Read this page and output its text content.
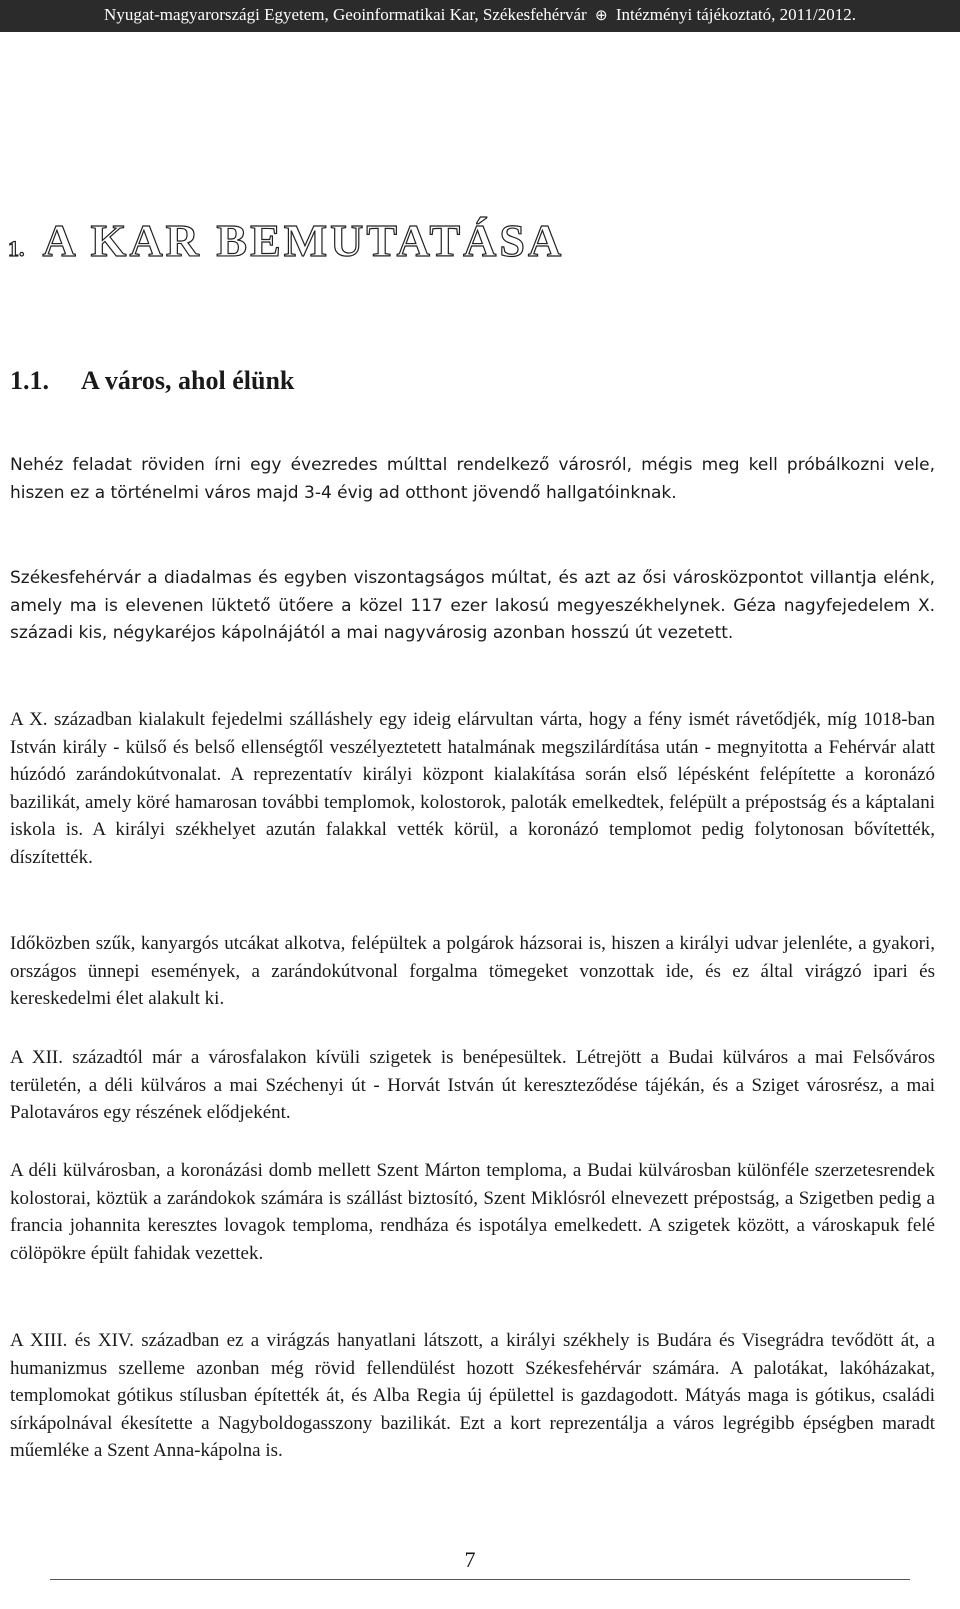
Nyugat-magyarországi Egyetem, Geoinformatikai Kar, Székesfehérvár ⊕ Intézményi tájékoztató, 2011/2012.
1. A KAR BEMUTATÁSA
1.1. A város, ahol élünk

Nehéz feladat röviden írni egy évezredes múlttal rendelkező városról, mégis meg kell próbálkozni vele, hiszen ez a történelmi város majd 3-4 évig ad otthont jövendő hallgatóinknak.

Székesfehérvár a diadalmas és egyben viszontagságos múltat, és azt az ősi városközpontot villantja elénk, amely ma is elevenen lüktető ütőere a közel 117 ezer lakosú megyeszékhelynek. Géza nagyfejedelem X. századi kis, négykaréjos kápolnájától a mai nagyvárosig azonban hosszú út vezetett.

A X. században kialakult fejedelmi szálláshely egy ideig elárvultan várta, hogy a fény ismét rávetődjék, míg 1018-ban István király - külső és belső ellenségtől veszélyeztetett hatalmának megszilárdítása után - megnyitotta a Fehérvár alatt húzódó zarándokútvonalat. A reprezentatív királyi központ kialakítása során első lépésként felépítette a koronázó bazilikát, amely köré hamarosan további templomok, kolostorok, paloták emelkedtek, felépült a prépostság és a káptalani iskola is. A királyi székhelyet azután falakkal vették körül, a koronázó templomot pedig folytonosan bővítették, díszítették.

Időközben szűk, kanyargós utcákat alkotva, felépültek a polgárok házsorai is, hiszen a királyi udvar jelenléte, a gyakori, országos ünnepi események, a zarándokútvonal forgalma tömegeket vonzottak ide, és ez által virágzó ipari és kereskedelmi élet alakult ki.

A XII. századtól már a városfalakon kívüli szigetek is benépesültek. Létrejött a Budai külváros a mai Felsőváros területén, a déli külváros a mai Széchenyi út - Horvát István út kereszteződése tájékán, és a Sziget városrész, a mai Palotaváros egy részének elődjeként.

A déli külvárosban, a koronázási domb mellett Szent Márton temploma, a Budai külvárosban különféle szerzetesrendek kolostorai, köztük a zarándokok számára is szállást biztosító, Szent Miklósról elnevezett prépostság, a Szigetben pedig a francia johannita keresztes lovagok temploma, rendháza és ispotálya emelkedett. A szigetek között, a városkapuk felé cölöpökre épült fahidak vezettek.

A XIII. és XIV. században ez a virágzás hanyatlani látszott, a királyi székhely is Budára és Visegrádra tevődött át, a humanizmus szelleme azonban még rövid fellendülést hozott Székesfehérvár számára. A palotákat, lakóházakat, templomokat gótikus stílusban építették át, és Alba Regia új épülettel is gazdagodott. Mátyás maga is gótikus, családi sírkápolnával ékesítette a Nagyboldogasszony bazilikát. Ezt a kort reprezentálja a város legrégibb épségben maradt műemléke a Szent Anna-kápolna is.

7
